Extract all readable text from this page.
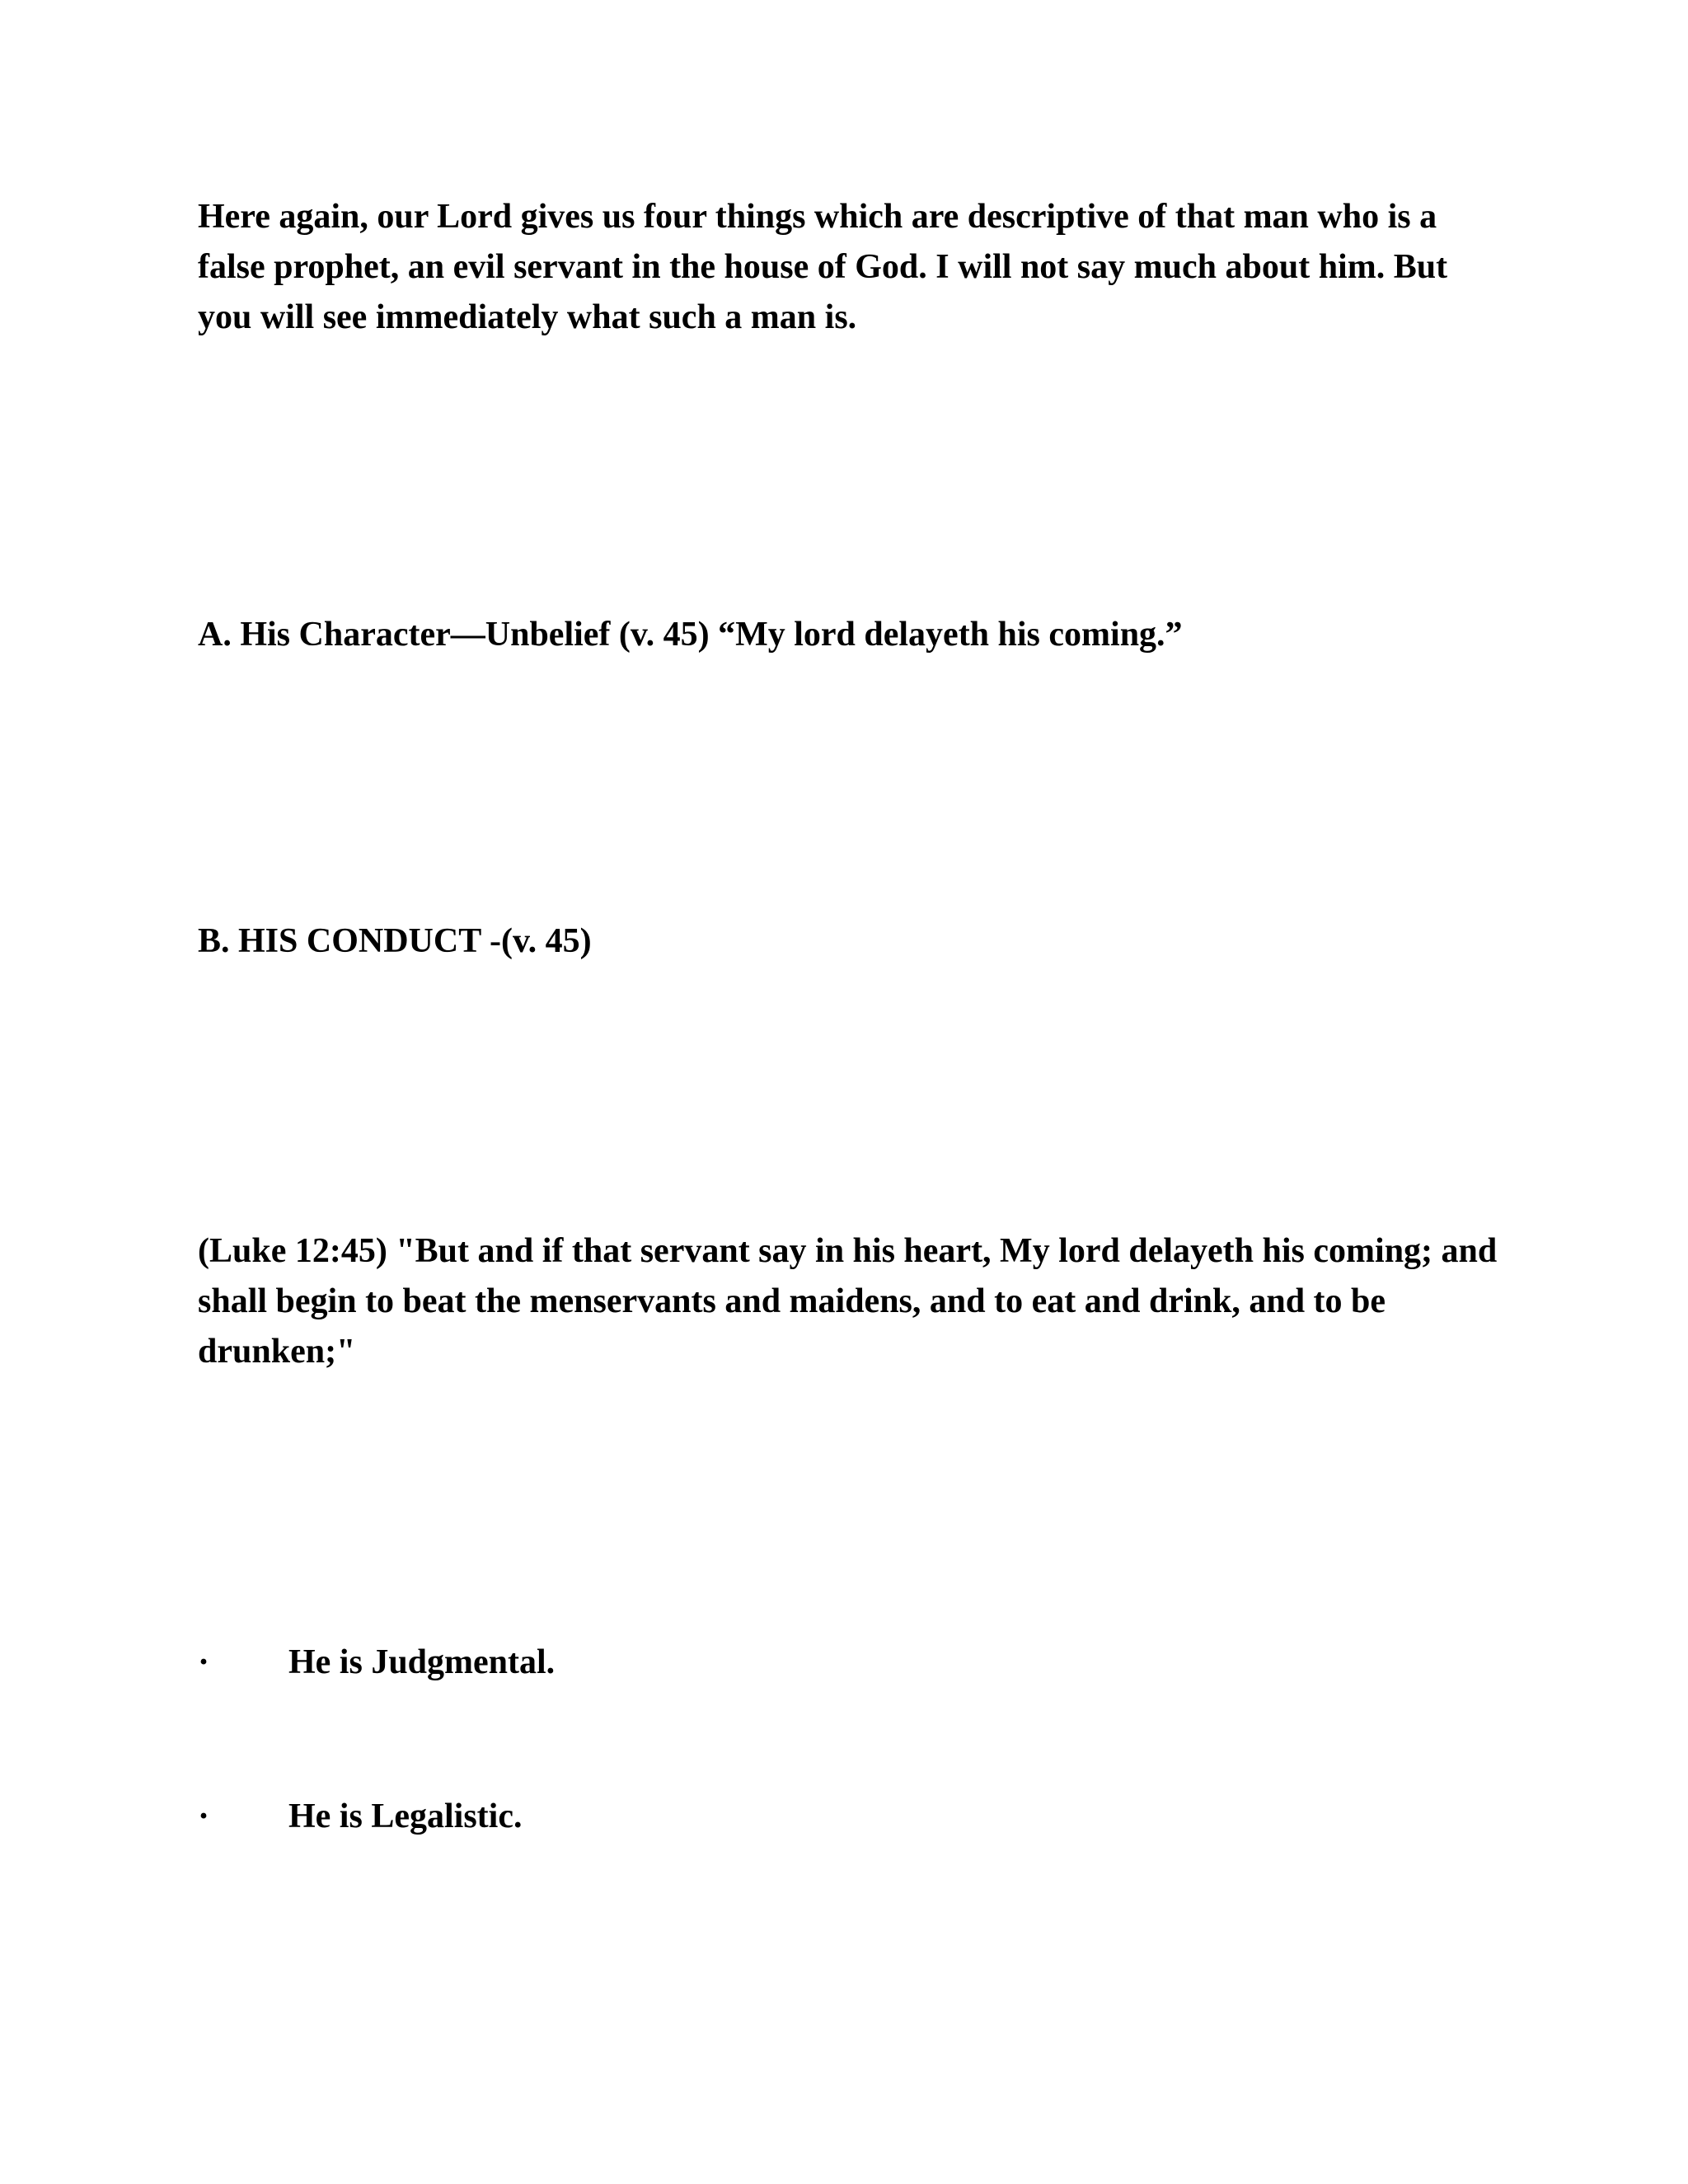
Here again, our Lord gives us four things which are descriptive of that man who is a false prophet, an evil servant in the house of God. I will not say much about him. But you will see immediately what such a man is.

A. His Character—Unbelief (v. 45) “My lord delayeth his coming.”

B. HIS CONDUCT -(v. 45)

(Luke 12:45) "But and if that servant say in his heart, My lord delayeth his coming; and shall begin to beat the menservants and maidens, and to eat and drink, and to be drunken;"

·	He is Judgmental.
·	He is Legalistic.
